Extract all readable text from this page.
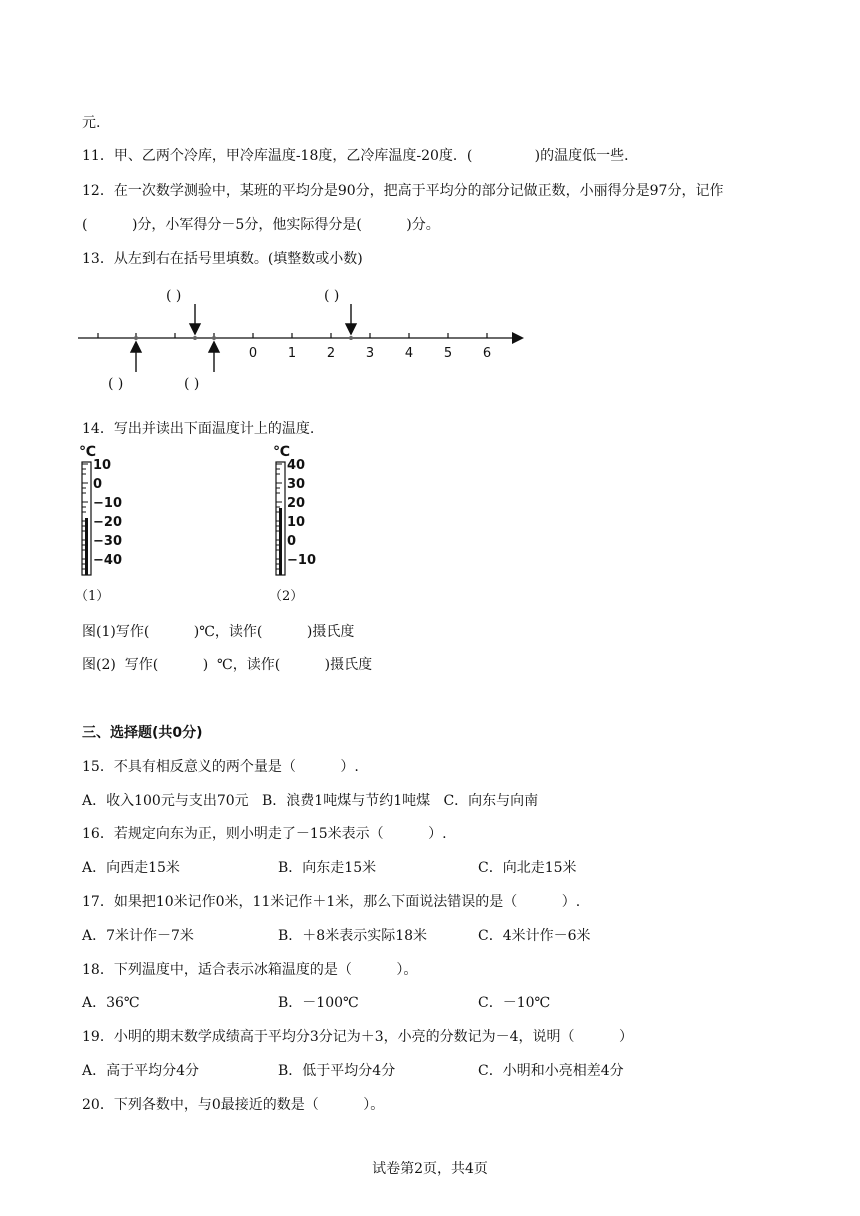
元.
11．甲、乙两个冷库，甲冷库温度-18度，乙冷库温度-20度．(              )的温度低一些．
12．在一次数学测验中，某班的平均分是90分，把高于平均分的部分记做正数，小丽得分是97分，记作
(          )分，小军得分－5分，他实际得分是(          )分。
13．从左到右在括号里填数。(填整数或小数)
0 1 2 3 4 5 6
( )	( )
( )	( )
14．写出并读出下面温度计上的温度.
℃
10
0
−10
−20
−30
−40
（1）
℃
40
30
20
10
0
−10
（2）
图(1)写作(          )℃，读作(          )摄氏度
图(2)  写作(          )  ℃，读作(          )摄氏度
三、选择题(共0分)
15．不具有相反意义的两个量是（          ）.
A．收入100元与支出70元   B．浪费1吨煤与节约1吨煤   C．向东与向南
16．若规定向东为正，则小明走了－15米表示（          ）.
A．向西走15米	B．向东走15米	C．向北走15米
17．如果把10米记作0米，11米记作＋1米，那么下面说法错误的是（          ）.
A．7米计作－7米	B．＋8米表示实际18米	C．4米计作－6米
18．下列温度中，适合表示冰箱温度的是（          ）。
A．36℃	B．－100℃	C．－10℃
19．小明的期末数学成绩高于平均分3分记为＋3，小亮的分数记为－4，说明（          ）
A．高于平均分4分	B．低于平均分4分	C．小明和小亮相差4分
20．下列各数中，与0最接近的数是（          ）。
试卷第2页，共4页
